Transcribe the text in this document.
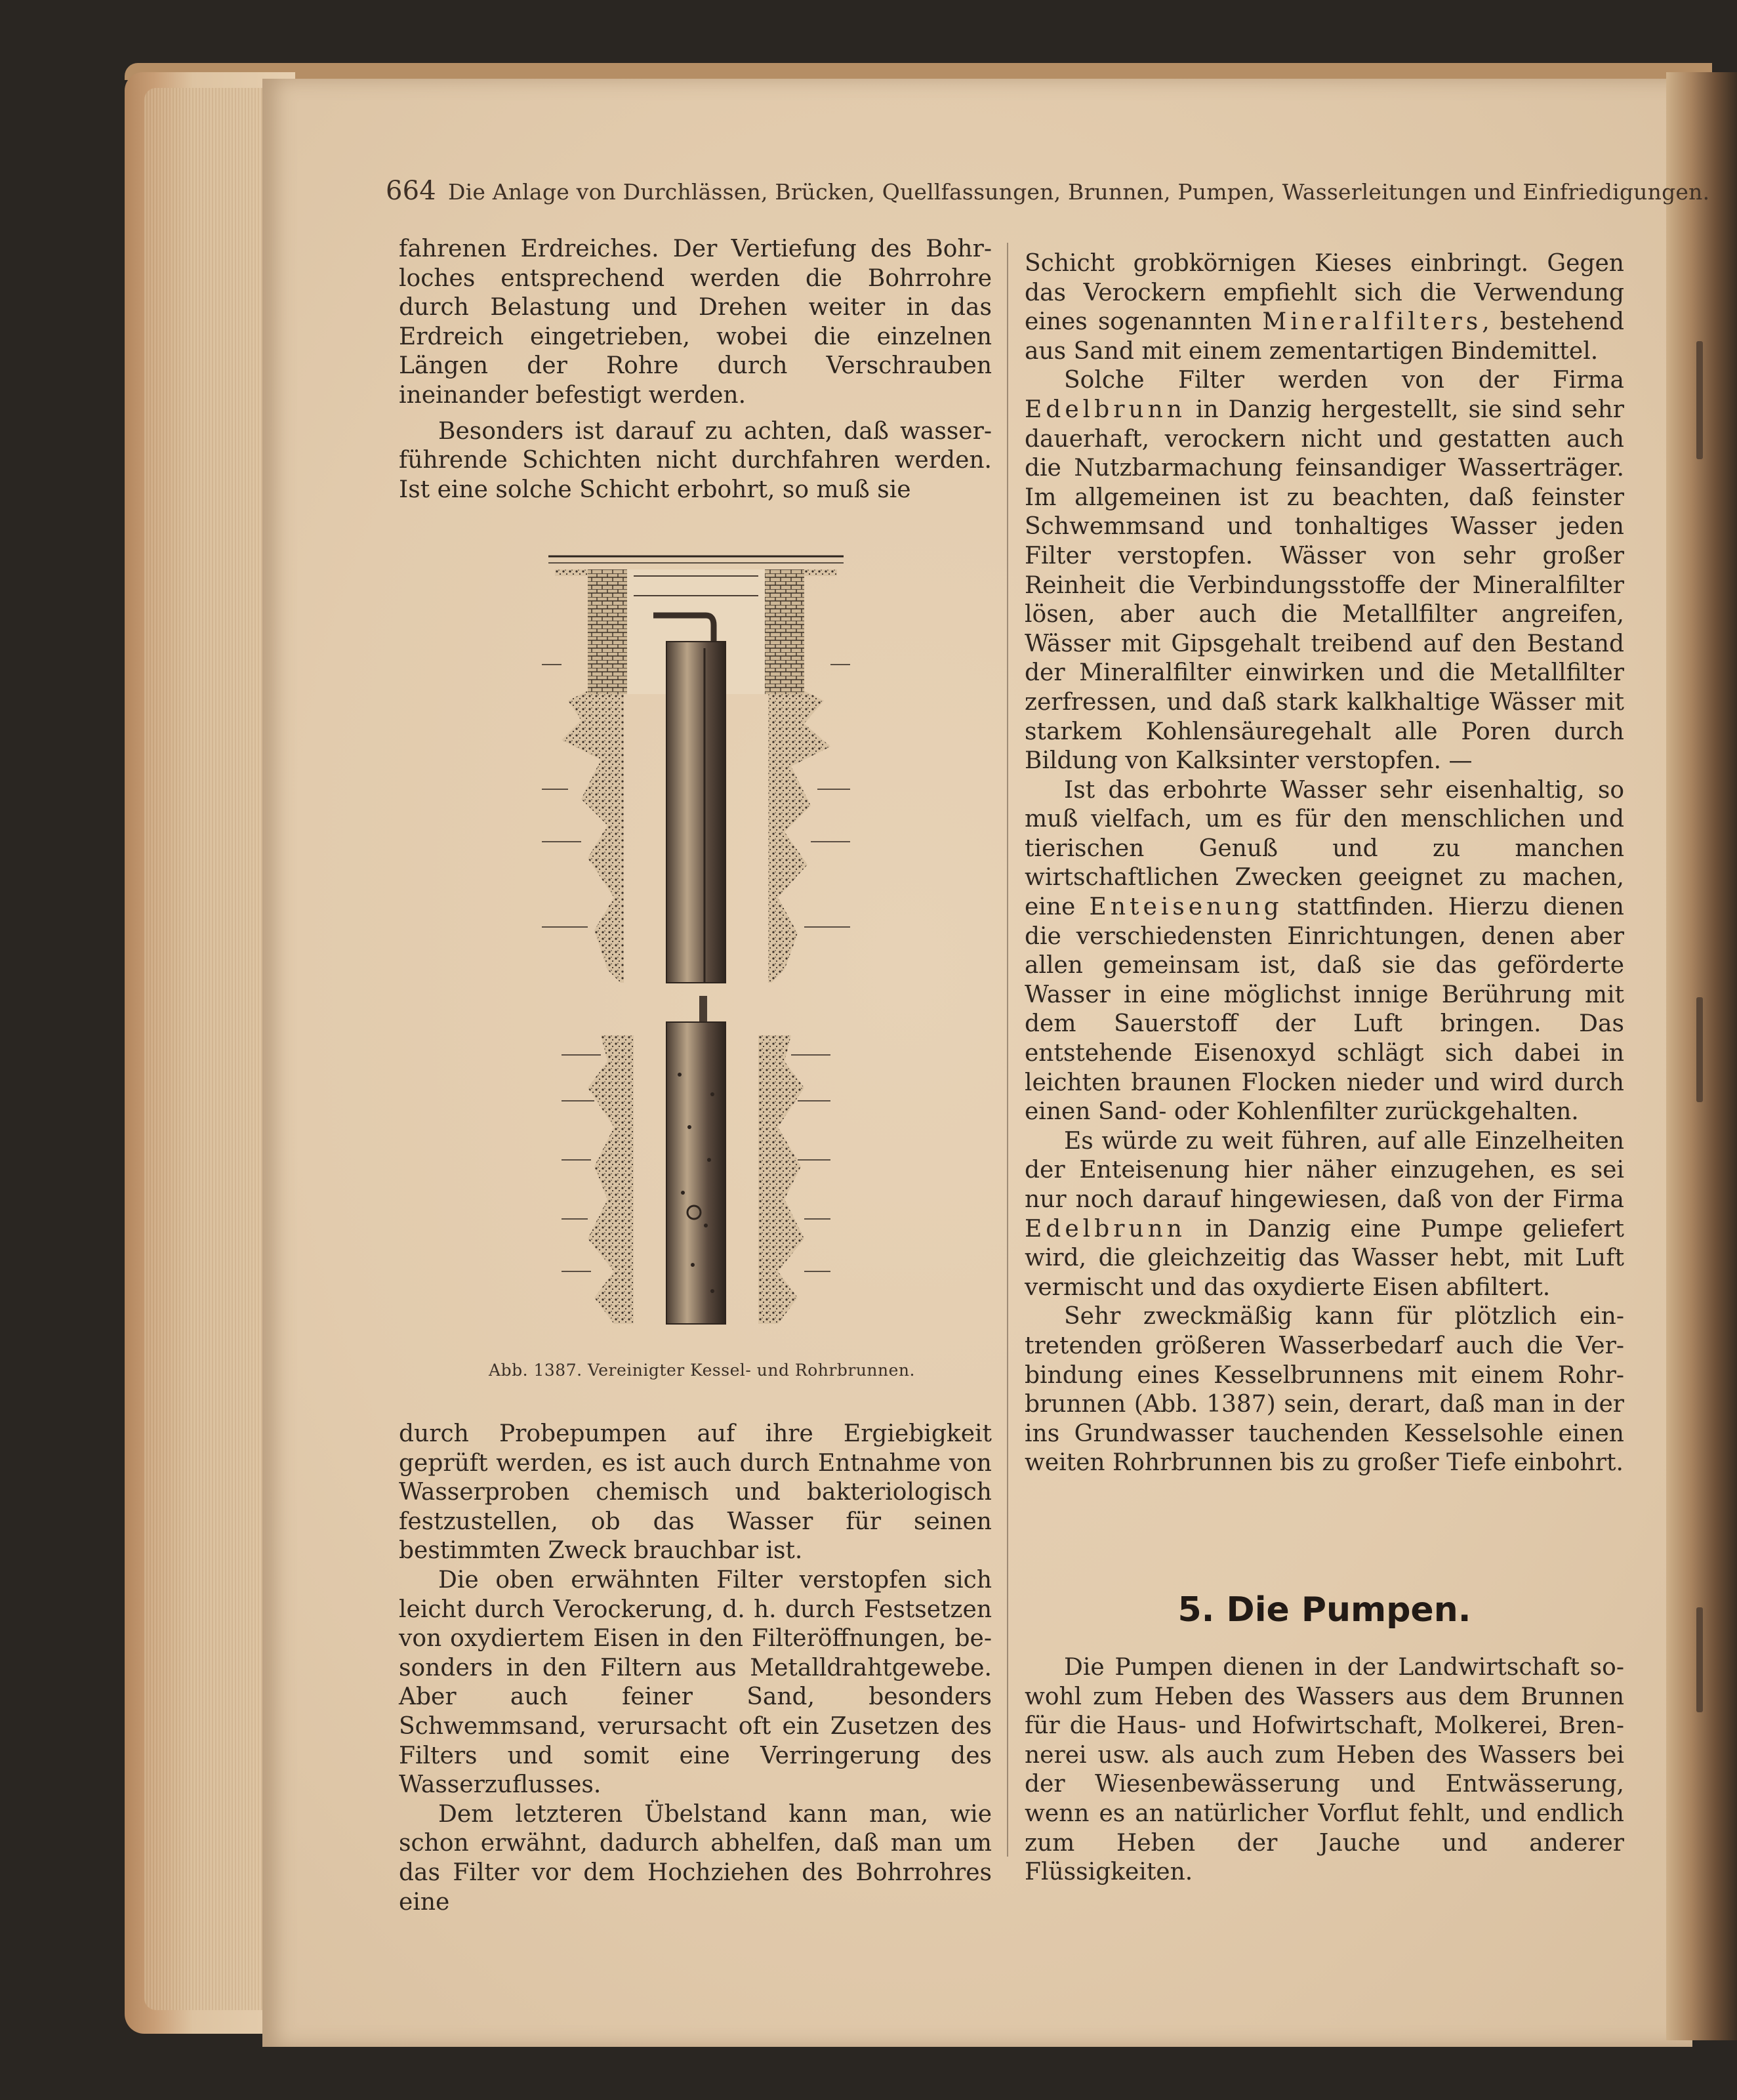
664 Die Anlage von Durchlässen, Brücken, Quellfassungen, Brunnen, Pumpen, Wasserleitungen und Einfriedigungen.

fahrenen Erdreiches. Der Vertiefung des Bohrloches entsprechend werden die Bohrrohre durch Belastung und Drehen weiter in das Erdreich eingetrieben, wobei die einzelnen Längen der Rohre durch Verschrauben ineinander befestigt werden.

Besonders ist darauf zu achten, daß wasserführende Schichten nicht durchfahren werden. Ist eine solche Schicht erbohrt, so muß sie

Abb. 1387. Vereinigter Kessel- und Rohrbrunnen.

durch Probepumpen auf ihre Ergiebigkeit geprüft werden, es ist auch durch Entnahme von Wasserproben chemisch und bakteriologisch festzustellen, ob das Wasser für seinen bestimmten Zweck brauchbar ist.

Die oben erwähnten Filter verstopfen sich leicht durch Verockerung, d. h. durch Festsetzen von oxydiertem Eisen in den Filteröffnungen, besonders in den Filtern aus Metalldrahtgewebe. Aber auch feiner Sand, besonders Schwemmsand, verursacht oft ein Zusetzen des Filters und somit eine Verringerung des Wasserzuflusses.

Dem letzteren Übelstand kann man, wie schon erwähnt, dadurch abhelfen, daß man um das Filter vor dem Hochziehen des Bohrrohres eine

Schicht grobkörnigen Kieses einbringt. Gegen das Verockern empfiehlt sich die Verwendung eines sogenannten Mineralfilters, bestehend aus Sand mit einem zementartigen Bindemittel.

Solche Filter werden von der Firma Edelbrunn in Danzig hergestellt, sie sind sehr dauerhaft, verockern nicht und gestatten auch die Nutzbarmachung feinsandiger Wasserträger. Im allgemeinen ist zu beachten, daß feinster Schwemmsand und tonhaltiges Wasser jeden Filter verstopfen. Wässer von sehr großer Reinheit die Verbindungsstoffe der Mineralfilter lösen, aber auch die Metallfilter angreifen, Wässer mit Gipsgehalt treibend auf den Bestand der Mineralfilter einwirken und die Metallfilter zerfressen, und daß stark kalkhaltige Wässer mit starkem Kohlensäuregehalt alle Poren durch Bildung von Kalksinter verstopfen. —

Ist das erbohrte Wasser sehr eisenhaltig, so muß vielfach, um es für den menschlichen und tierischen Genuß und zu manchen wirtschaftlichen Zwecken geeignet zu machen, eine Enteisenung stattfinden. Hierzu dienen die verschiedensten Einrichtungen, denen aber allen gemeinsam ist, daß sie das geförderte Wasser in eine möglichst innige Berührung mit dem Sauerstoff der Luft bringen. Das entstehende Eisenoxyd schlägt sich dabei in leichten braunen Flocken nieder und wird durch einen Sand- oder Kohlenfilter zurückgehalten.

Es würde zu weit führen, auf alle Einzelheiten der Enteisenung hier näher einzugehen, es sei nur noch darauf hingewiesen, daß von der Firma Edelbrunn in Danzig eine Pumpe geliefert wird, die gleichzeitig das Wasser hebt, mit Luft vermischt und das oxydierte Eisen abfiltert.

Sehr zweckmäßig kann für plötzlich eintretenden größeren Wasserbedarf auch die Verbindung eines Kesselbrunnens mit einem Rohrbrunnen (Abb. 1387) sein, derart, daß man in der ins Grundwasser tauchenden Kesselsohle einen weiten Rohrbrunnen bis zu großer Tiefe einbohrt.

5. Die Pumpen.

Die Pumpen dienen in der Landwirtschaft sowohl zum Heben des Wassers aus dem Brunnen für die Haus- und Hofwirtschaft, Molkerei, Brennerei usw. als auch zum Heben des Wassers bei der Wiesenbewässerung und Entwässerung, wenn es an natürlicher Vorflut fehlt, und endlich zum Heben der Jauche und anderer Flüssigkeiten.
